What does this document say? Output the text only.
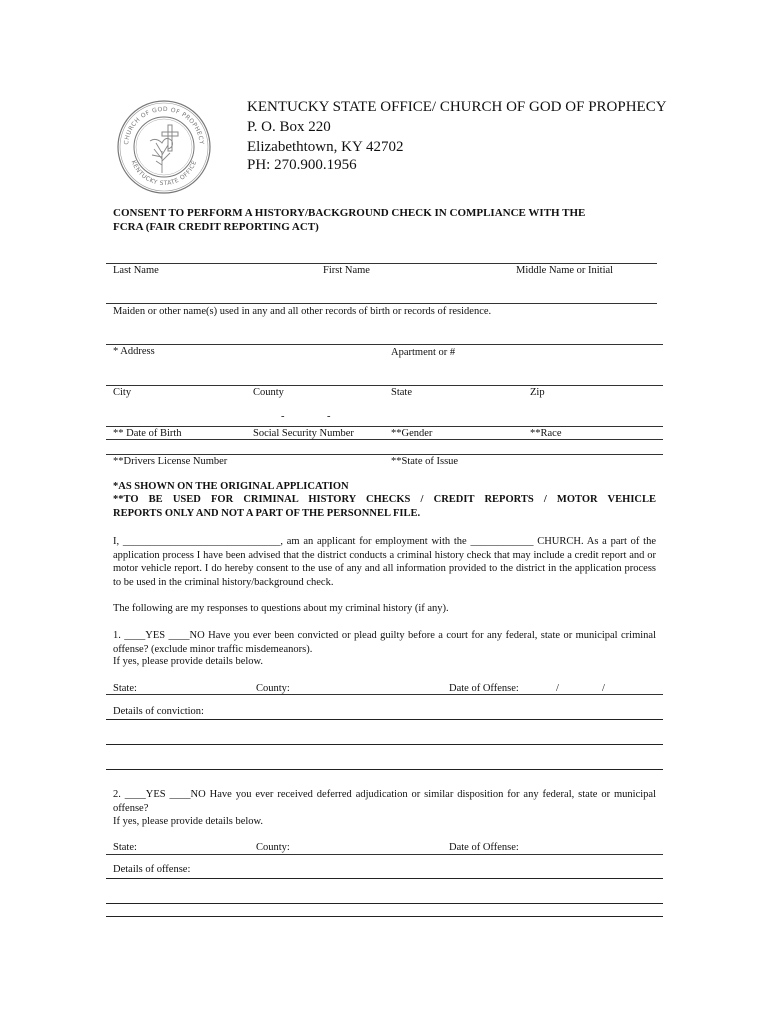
CHURCH OF GOD OF PROPHECY
KENTUCKY STATE OFFICE
KENTUCKY STATE OFFICE/ CHURCH OF GOD OF PROPHECY
P. O. Box 220
Elizabethtown, KY 42702
PH: 270.900.1956
CONSENT TO PERFORM A HISTORY/BACKGROUND CHECK IN COMPLIANCE WITH THE
FCRA (FAIR CREDIT REPORTING ACT)
Last Name	First Name	Middle Name or Initial
Maiden or other name(s) used in any and all other records of birth or records of residence.
* Address	Apartment or #
City	County	State	Zip
-	-
** Date of Birth	Social Security Number	**Gender	**Race
**Drivers License Number	**State of Issue
*AS SHOWN ON THE ORIGINAL APPLICATION
**TO BE USED FOR CRIMINAL HISTORY CHECKS / CREDIT REPORTS / MOTOR VEHICLE
REPORTS ONLY AND NOT A PART OF THE PERSONNEL FILE.
I, ______________________________, am an applicant for employment with the ____________ CHURCH. As a part of the application process I have been advised that the district conducts a criminal history check that may include a credit report and or motor vehicle report. I do hereby consent to the use of any and all information provided to the district in the application process to be used in the criminal history/background check.
The following are my responses to questions about my criminal history (if any).
1. ____YES ____NO Have you ever been convicted or plead guilty before a court for any federal, state or municipal criminal offense? (exclude minor traffic misdemeanors).
If yes, please provide details below.
State:	County:	Date of Offense:	/	/
Details of conviction:
2. ____YES ____NO Have you ever received deferred adjudication or similar disposition for any federal, state or municipal offense?
If yes, please provide details below.
State:	County:	Date of Offense:
Details of offense:
